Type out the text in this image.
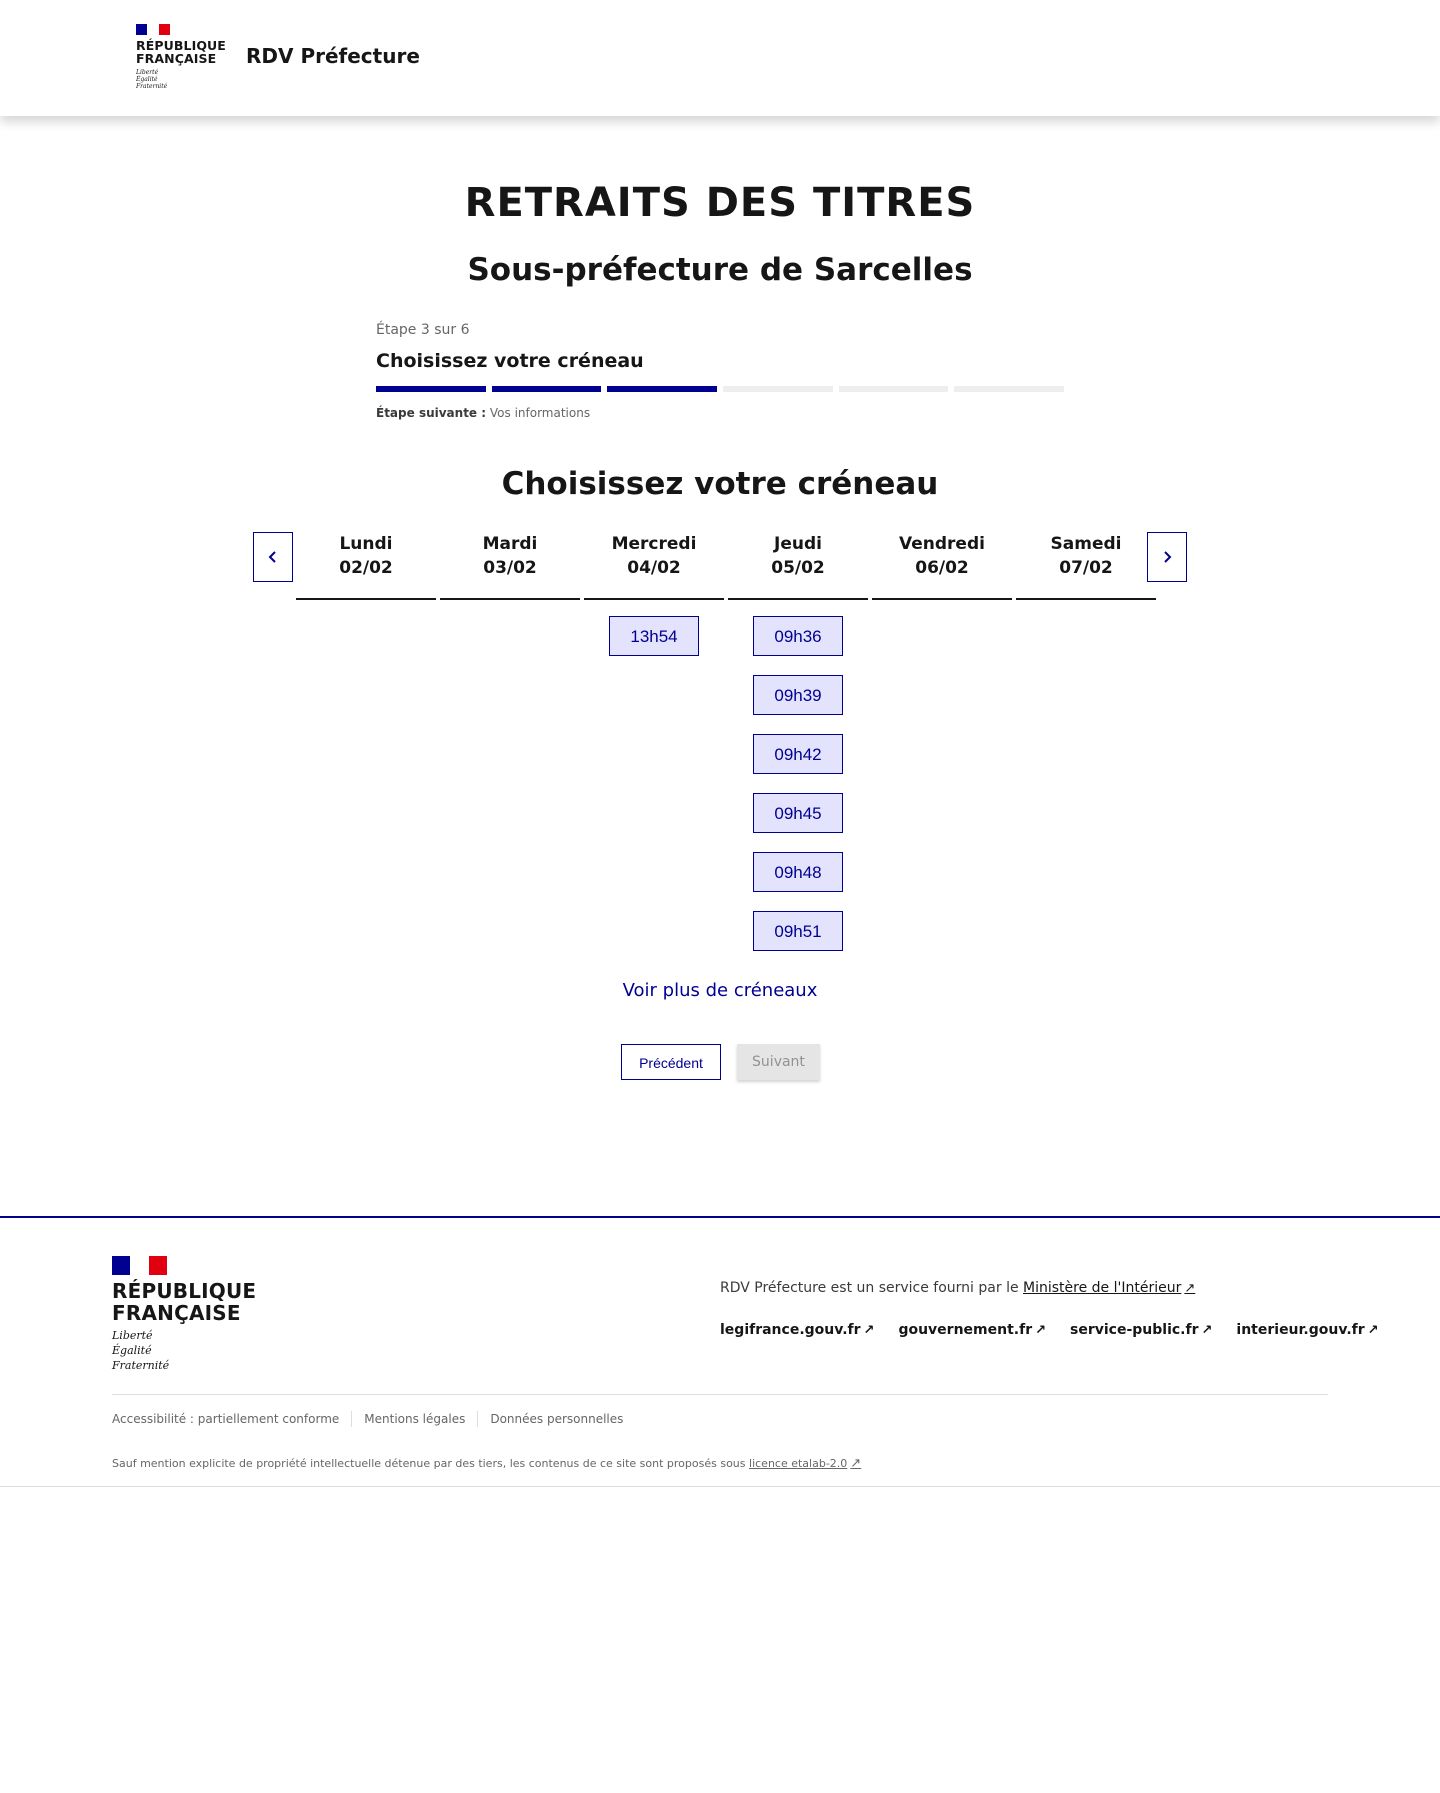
RÉPUBLIQUE
FRANÇAISE
Liberté
Égalité
Fraternité
RDV Préfecture
RETRAITS DES TITRES
Sous-préfecture de Sarcelles
Étape 3 sur 6
Choisissez votre créneau
Étape suivante : Vos informations
Choisissez votre créneau
Lundi
02/02
Mardi
03/02
Mercredi
04/02
13h54
Jeudi
05/02
09h36
09h39
09h42
09h45
09h48
09h51
Vendredi
06/02
Samedi
07/02
Voir plus de créneaux
Précédent	Suivant
RÉPUBLIQUE
FRANÇAISE
Liberté
Égalité
Fraternité
RDV Préfecture est un service fourni par le Ministère de l'Intérieur ↗
legifrance.gouv.fr ↗ gouvernement.fr ↗ service-public.fr ↗ interieur.gouv.fr ↗
Accessibilité : partiellement conforme Mentions légales Données personnelles
Sauf mention explicite de propriété intellectuelle détenue par des tiers, les contenus de ce site sont proposés sous licence etalab-2.0 ↗
